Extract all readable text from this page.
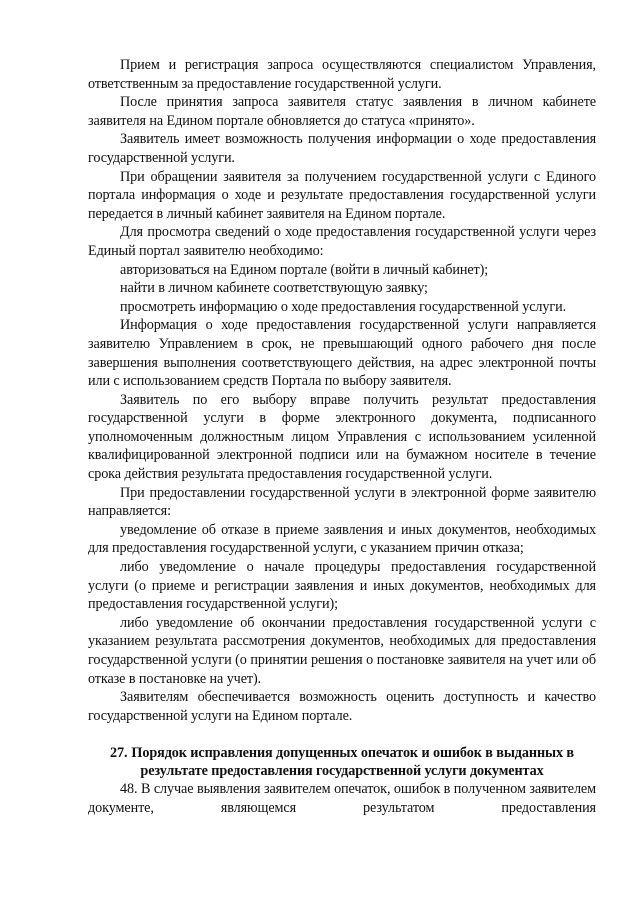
Прием и регистрация запроса осуществляются специалистом Управления, ответственным за предоставление государственной услуги.

После принятия запроса заявителя статус заявления в личном кабинете заявителя на Едином портале обновляется до статуса «принято».

Заявитель имеет возможность получения информации о ходе предоставления государственной услуги.

При обращении заявителя за получением государственной услуги с Единого портала информация о ходе и результате предоставления государственной услуги передается в личный кабинет заявителя на Едином портале.

Для просмотра сведений о ходе предоставления государственной услуги через Единый портал заявителю необходимо:

авторизоваться на Едином портале (войти в личный кабинет);

найти в личном кабинете соответствующую заявку;

просмотреть информацию о ходе предоставления государственной услуги.

Информация о ходе предоставления государственной услуги направляется заявителю Управлением в срок, не превышающий одного рабочего дня после завершения выполнения соответствующего действия, на адрес электронной почты или с использованием средств Портала по выбору заявителя.

Заявитель по его выбору вправе получить результат предоставления государственной услуги в форме электронного документа, подписанного уполномоченным должностным лицом Управления с использованием усиленной квалифицированной электронной подписи или на бумажном носителе в течение срока действия результата предоставления государственной услуги.

При предоставлении государственной услуги в электронной форме заявителю направляется:

уведомление об отказе в приеме заявления и иных документов, необходимых для предоставления государственной услуги, с указанием причин отказа;

либо уведомление о начале процедуры предоставления государственной услуги (о приеме и регистрации заявления и иных документов, необходимых для предоставления государственной услуги);

либо уведомление об окончании предоставления государственной услуги с указанием результата рассмотрения документов, необходимых для предоставления государственной услуги (о принятии решения о постановке заявителя на учет или об отказе в постановке на учет).

Заявителям обеспечивается возможность оценить доступность и качество государственной услуги на Едином портале.

27. Порядок исправления допущенных опечаток и ошибок в выданных в результате предоставления государственной услуги документах

48. В случае выявления заявителем опечаток, ошибок в полученном заявителем документе, являющемся результатом предоставления
